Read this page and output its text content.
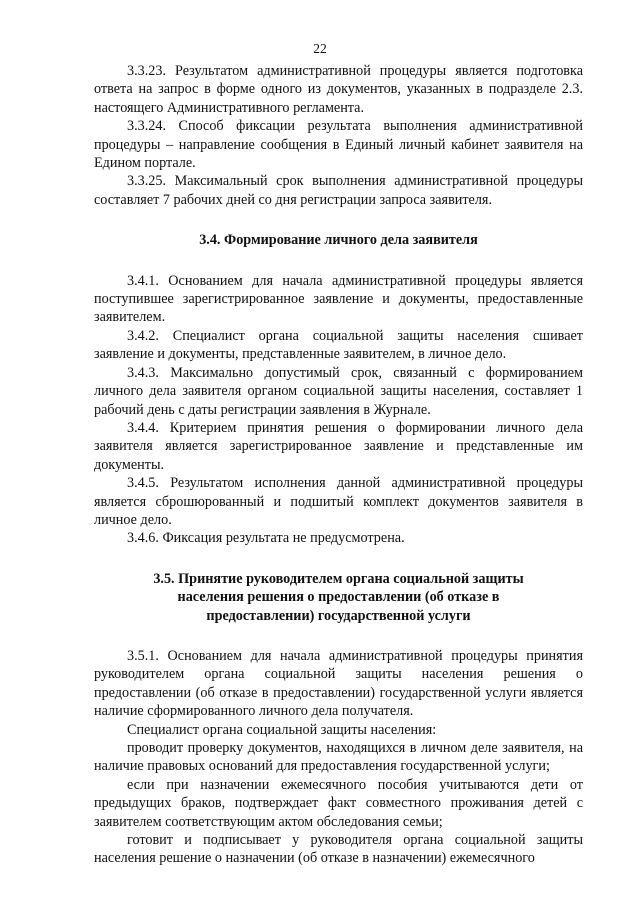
22

3.3.23. Результатом административной процедуры является подготовка ответа на запрос в форме одного из документов, указанных в подразделе 2.3. настоящего Административного регламента.

3.3.24. Способ фиксации результата выполнения административной процедуры – направление сообщения в Единый личный кабинет заявителя на Едином портале.

3.3.25. Максимальный срок выполнения административной процедуры составляет 7 рабочих дней со дня регистрации запроса заявителя.

3.4. Формирование личного дела заявителя

3.4.1. Основанием для начала административной процедуры является поступившее зарегистрированное заявление и документы, предоставленные заявителем.

3.4.2. Специалист органа социальной защиты населения сшивает заявление и документы, представленные заявителем, в личное дело.

3.4.3. Максимально допустимый срок, связанный с формированием личного дела заявителя органом социальной защиты населения, составляет 1 рабочий день с даты регистрации заявления в Журнале.

3.4.4. Критерием принятия решения о формировании личного дела заявителя является зарегистрированное заявление и представленные им документы.

3.4.5. Результатом исполнения данной административной процедуры является сброшюрованный и подшитый комплект документов заявителя в личное дело.

3.4.6. Фиксация результата не предусмотрена.

3.5. Принятие руководителем органа социальной защиты населения решения о предоставлении (об отказе в предоставлении) государственной услуги

3.5.1. Основанием для начала административной процедуры принятия руководителем органа социальной защиты населения решения о предоставлении (об отказе в предоставлении) государственной услуги является наличие сформированного личного дела получателя.

Специалист органа социальной защиты населения:

проводит проверку документов, находящихся в личном деле заявителя, на наличие правовых оснований для предоставления государственной услуги;

если при назначении ежемесячного пособия учитываются дети от предыдущих браков, подтверждает факт совместного проживания детей с заявителем соответствующим актом обследования семьи;

готовит и подписывает у руководителя органа социальной защиты населения решение о назначении (об отказе в назначении) ежемесячного
